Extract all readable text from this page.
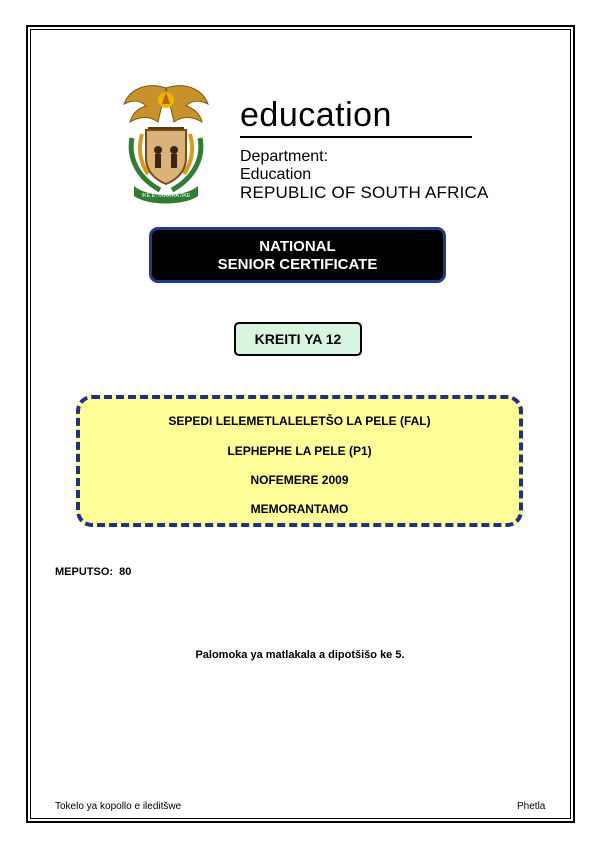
!KE E: /XARRA //KE
education
Department:
Education
REPUBLIC OF SOUTH AFRICA
NATIONAL
SENIOR CERTIFICATE
KREITI YA 12
SEPEDI LELEMETLALELETŠO LA PELE (FAL)
LEPHEPHE LA PELE (P1)
NOFEMERE 2009
MEMORANTAMO
MEPUTSO:  80
Palomoka ya matlakala a dipotšišo ke 5.
Tokelo ya kopollo e ileditšwe	Phetla
